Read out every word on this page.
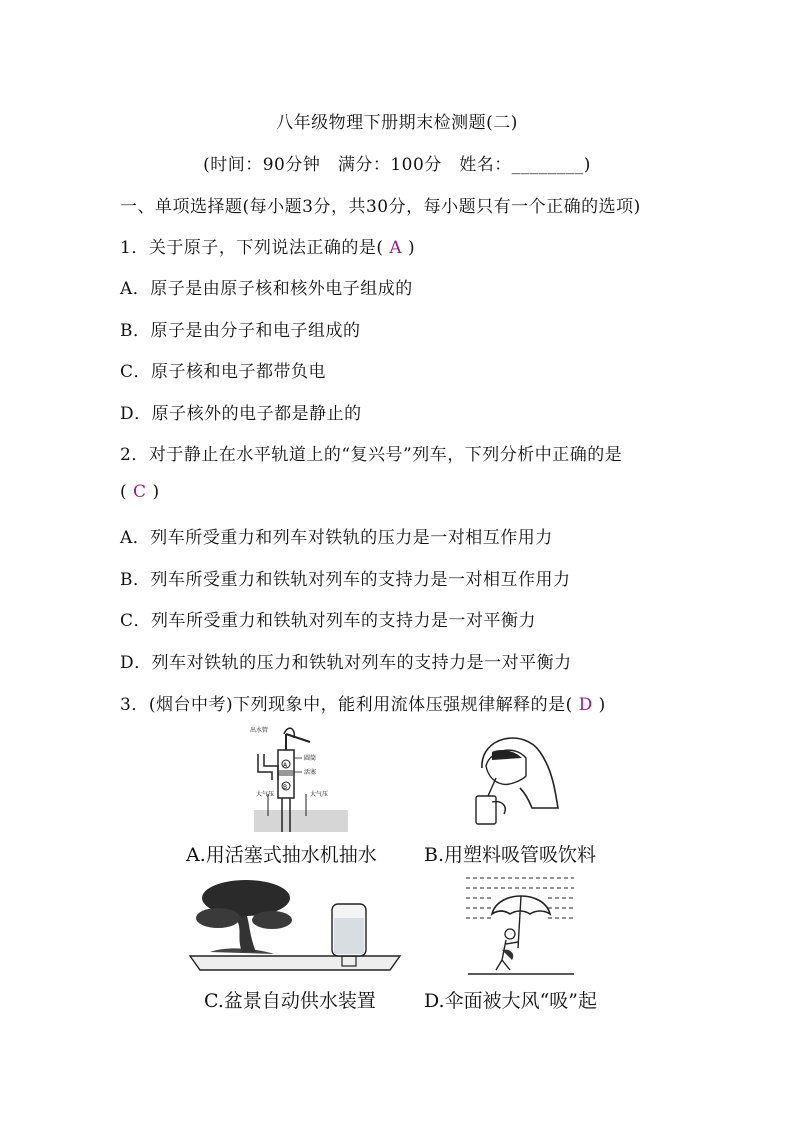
八年级物理下册期末检测题(二)
(时间：90分钟　满分：100分　姓名：________)
一、单项选择题(每小题3分，共30分，每小题只有一个正确的选项)
1．关于原子，下列说法正确的是( A )
A．原子是由原子核和核外电子组成的
B．原子是由分子和电子组成的
C．原子核和电子都带负电
D．原子核外的电子都是静止的
2．对于静止在水平轨道上的“复兴号”列车，下列分析中正确的是
( C )
A．列车所受重力和列车对铁轨的压力是一对相互作用力
B．列车所受重力和铁轨对列车的支持力是一对相互作用力
C．列车所受重力和铁轨对列车的支持力是一对平衡力
D．列车对铁轨的压力和铁轨对列车的支持力是一对平衡力
3．(烟台中考)下列现象中，能利用流体压强规律解释的是( D )
出水管
A
B
圆筒
活塞
大气压	大气压
A.用活塞式抽水机抽水 B.用塑料吸管吸饮料
C.盆景自动供水装置	D.伞面被大风“吸”起
